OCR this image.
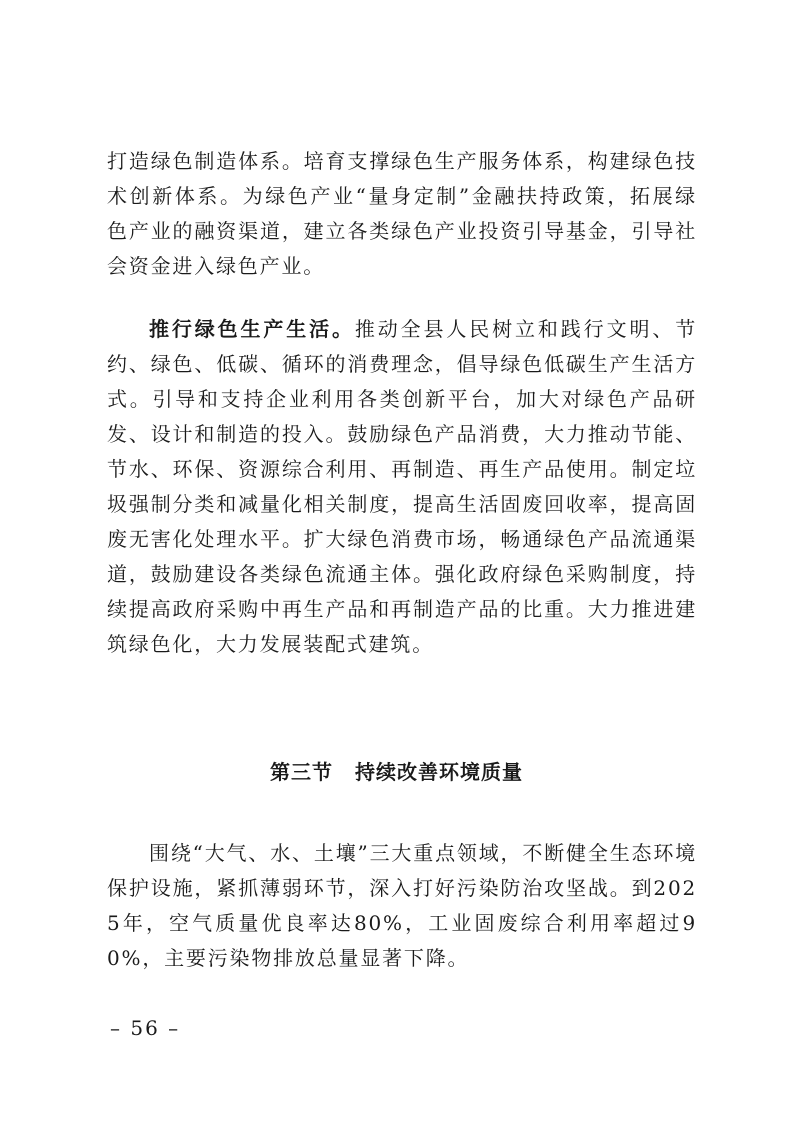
打造绿色制造体系。培育支撑绿色生产服务体系，构建绿色技术创新体系。为绿色产业“量身定制”金融扶持政策，拓展绿色产业的融资渠道，建立各类绿色产业投资引导基金，引导社会资金进入绿色产业。

推行绿色生产生活。推动全县人民树立和践行文明、节约、绿色、低碳、循环的消费理念，倡导绿色低碳生产生活方式。引导和支持企业利用各类创新平台，加大对绿色产品研发、设计和制造的投入。鼓励绿色产品消费，大力推动节能、节水、环保、资源综合利用、再制造、再生产品使用。制定垃圾强制分类和减量化相关制度，提高生活固废回收率，提高固废无害化处理水平。扩大绿色消费市场，畅通绿色产品流通渠道，鼓励建设各类绿色流通主体。强化政府绿色采购制度，持续提高政府采购中再生产品和再制造产品的比重。大力推进建筑绿色化，大力发展装配式建筑。

第三节 持续改善环境质量

围绕“大气、水、土壤”三大重点领域，不断健全生态环境保护设施，紧抓薄弱环节，深入打好污染防治攻坚战。到2025年，空气质量优良率达80%，工业固废综合利用率超过90%，主要污染物排放总量显著下降。

– 56 –
